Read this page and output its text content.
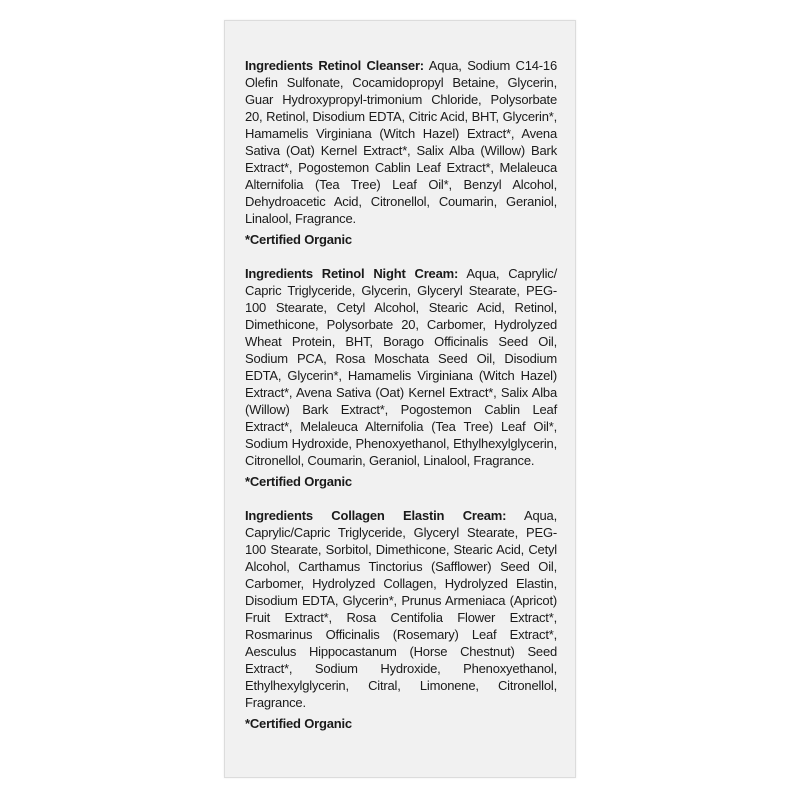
Ingredients Retinol Cleanser: Aqua, Sodium C14-16 Olefin Sulfonate, Cocamidopropyl Betaine, Glycerin, Guar Hydroxypropyl-trimonium Chloride, Polysorbate 20, Retinol, Disodium EDTA, Citric Acid, BHT, Glycerin*, Hamamelis Virginiana (Witch Hazel) Extract*, Avena Sativa (Oat) Kernel Extract*, Salix Alba (Willow) Bark Extract*, Pogostemon Cablin Leaf Extract*, Melaleuca Alternifolia (Tea Tree) Leaf Oil*, Benzyl Alcohol, Dehydroacetic Acid, Citronellol, Coumarin, Geraniol, Linalool, Fragrance.

*Certified Organic

Ingredients Retinol Night Cream: Aqua, Caprylic/ Capric Triglyceride, Glycerin, Glyceryl Stearate, PEG-100 Stearate, Cetyl Alcohol, Stearic Acid, Retinol, Dimethicone, Polysorbate 20, Carbomer, Hydrolyzed Wheat Protein, BHT, Borago Officinalis Seed Oil, Sodium PCA, Rosa Moschata Seed Oil, Disodium EDTA, Glycerin*, Hamamelis Virginiana (Witch Hazel) Extract*, Avena Sativa (Oat) Kernel Extract*, Salix Alba (Willow) Bark Extract*, Pogostemon Cablin Leaf Extract*, Melaleuca Alternifolia (Tea Tree) Leaf Oil*, Sodium Hydroxide, Phenoxyethanol, Ethylhexylglycerin, Citronellol, Coumarin, Geraniol, Linalool, Fragrance.

*Certified Organic

Ingredients Collagen Elastin Cream: Aqua, Caprylic/Capric Triglyceride, Glyceryl Stearate, PEG-100 Stearate, Sorbitol, Dimethicone, Stearic Acid, Cetyl Alcohol, Carthamus Tinctorius (Safflower) Seed Oil, Carbomer, Hydrolyzed Collagen, Hydrolyzed Elastin, Disodium EDTA, Glycerin*, Prunus Armeniaca (Apricot) Fruit Extract*, Rosa Centifolia Flower Extract*, Rosmarinus Officinalis (Rosemary) Leaf Extract*, Aesculus Hippocastanum (Horse Chestnut) Seed Extract*, Sodium Hydroxide, Phenoxyethanol, Ethylhexylglycerin, Citral, Limonene, Citronellol, Fragrance.

*Certified Organic
